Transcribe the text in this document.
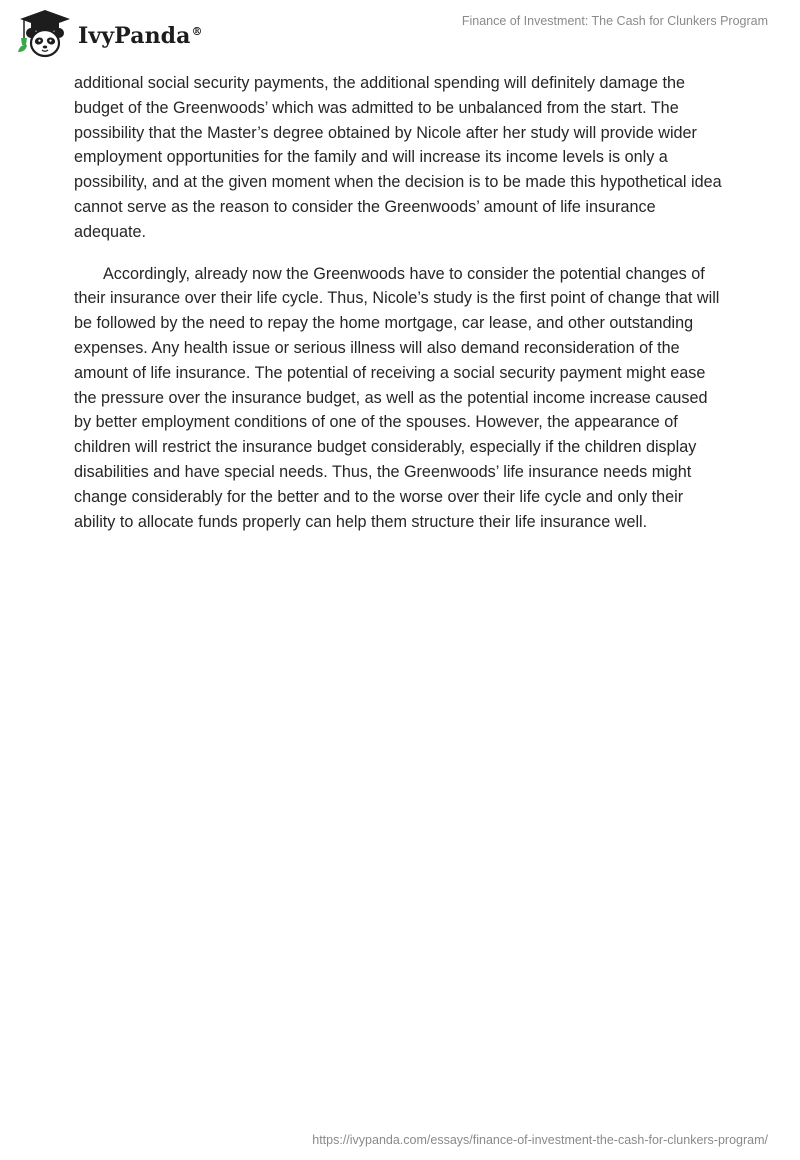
IvyPanda®
Finance of Investment: The Cash for Clunkers Program

additional social security payments, the additional spending will definitely damage the budget of the Greenwoods’ which was admitted to be unbalanced from the start. The possibility that the Master’s degree obtained by Nicole after her study will provide wider employment opportunities for the family and will increase its income levels is only a possibility, and at the given moment when the decision is to be made this hypothetical idea cannot serve as the reason to consider the Greenwoods’ amount of life insurance adequate.

Accordingly, already now the Greenwoods have to consider the potential changes of their insurance over their life cycle. Thus, Nicole’s study is the first point of change that will be followed by the need to repay the home mortgage, car lease, and other outstanding expenses. Any health issue or serious illness will also demand reconsideration of the amount of life insurance. The potential of receiving a social security payment might ease the pressure over the insurance budget, as well as the potential income increase caused by better employment conditions of one of the spouses. However, the appearance of children will restrict the insurance budget considerably, especially if the children display disabilities and have special needs. Thus, the Greenwoods’ life insurance needs might change considerably for the better and to the worse over their life cycle and only their ability to allocate funds properly can help them structure their life insurance well.

https://ivypanda.com/essays/finance-of-investment-the-cash-for-clunkers-program/
